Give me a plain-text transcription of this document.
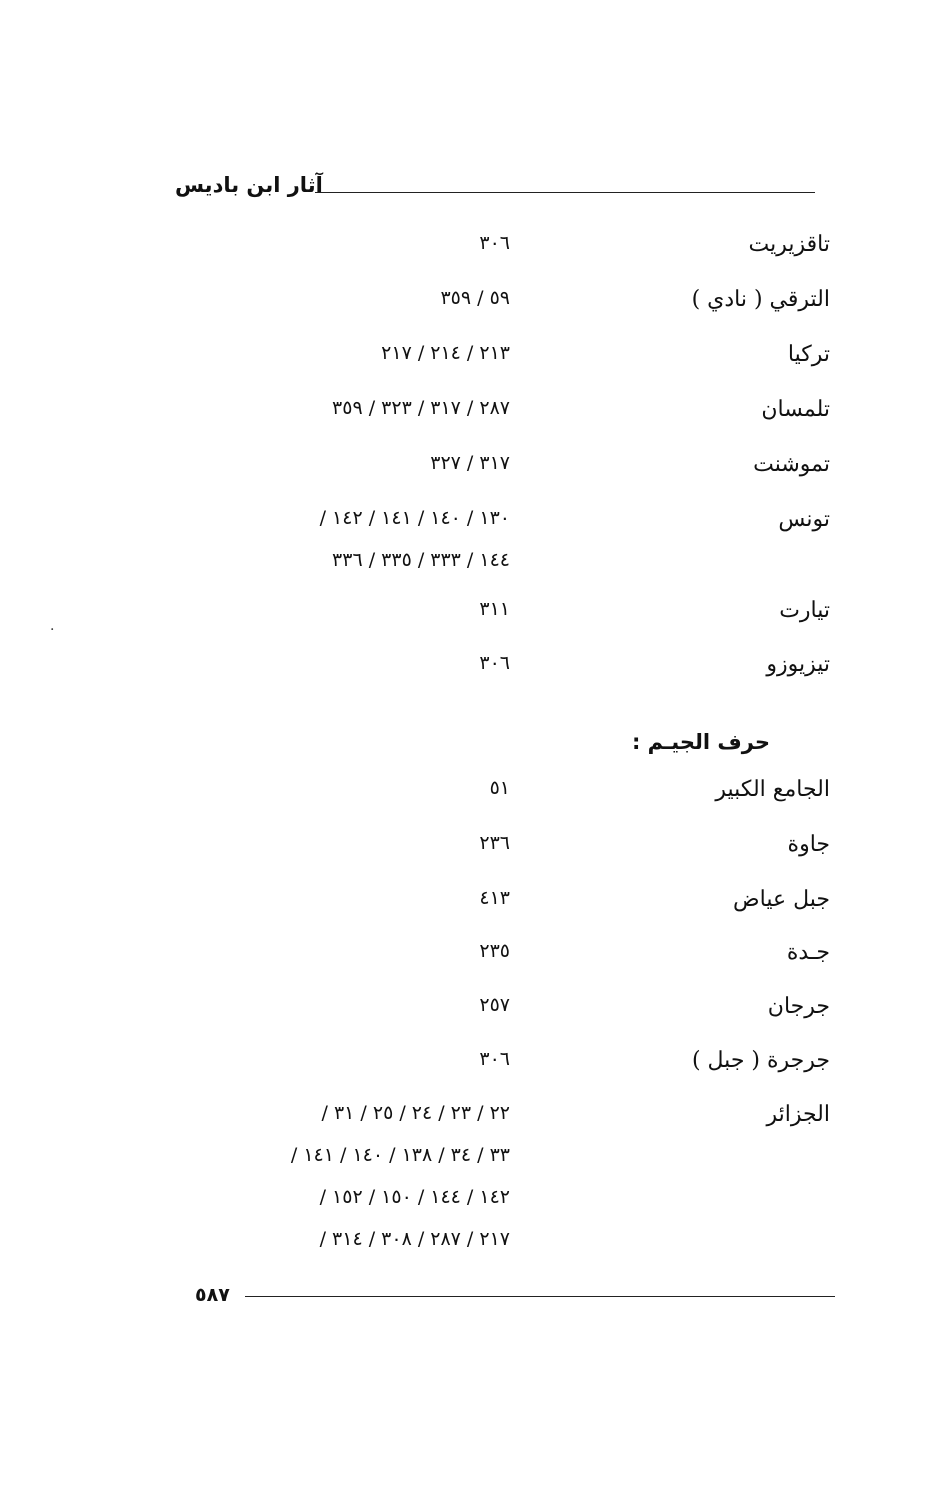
آثار ابن باديس
تاقزيريت
٣٠٦
الترقي ( نادي )
٥٩ / ٣٥٩
تركيا
٢١٣ / ٢١٤ / ٢١٧
تلمسان
٢٨٧ / ٣١٧ / ٣٢٣ / ٣٥٩
تموشنت
٣١٧ / ٣٢٧
تونس
١٣٠ / ١٤٠ / ١٤١ / ١٤٢ /
١٤٤ / ٣٣٣ / ٣٣٥ / ٣٣٦
تيارت
٣١١
تيزيوزو
٣٠٦
حرف الجيـم :
الجامع الكبير
٥١
جاوة
٢٣٦
جبل عياض
٤١٣
جـدة
٢٣٥
جرجان
٢٥٧
جرجرة ( جبل )
٣٠٦
الجزائر
٢٢ / ٢٣ / ٢٤ / ٢٥ / ٣١ /
٣٣ / ٣٤ / ١٣٨ / ١٤٠ / ١٤١ /
١٤٢ / ١٤٤ / ١٥٠ / ١٥٢ /
٢١٧ / ٢٨٧ / ٣٠٨ / ٣١٤ /
٥٨٧
·
